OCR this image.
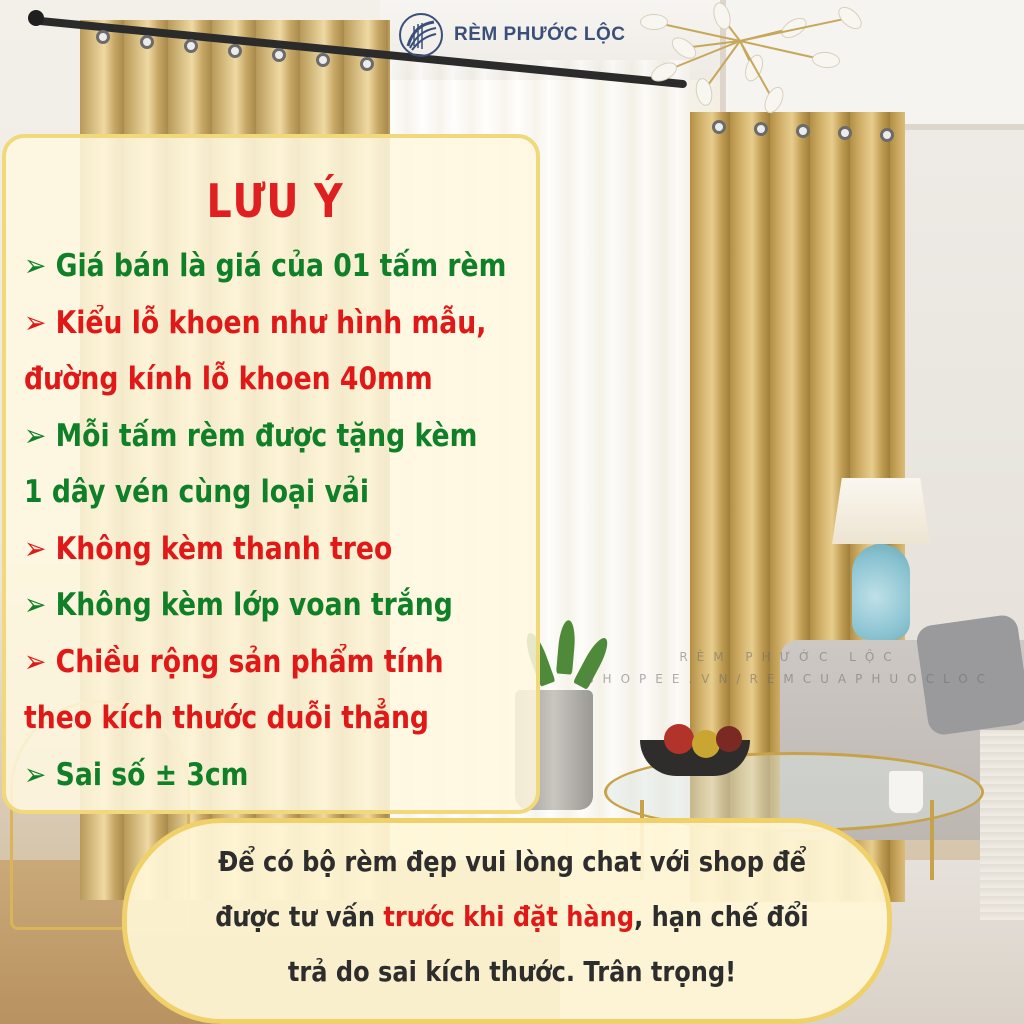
RÈM PHƯỚC LỘC
SHOPEE.VN/REMCUAPHUOCLOC
RÈM PHƯỚC LỘC
LƯU Ý

➢ Giá bán là giá của 01 tấm rèm

➢ Kiểu lỗ khoen như hình mẫu,

đường kính lỗ khoen 40mm

➢ Mỗi tấm rèm được tặng kèm

1 dây vén cùng loại vải

➢ Không kèm thanh treo

➢ Không kèm lớp voan trắng

➢ Chiều rộng sản phẩm tính

theo kích thước duỗi thẳng

➢ Sai số ± 3cm

Để có bộ rèm đẹp vui lòng chat với shop để

được tư vấn trước khi đặt hàng, hạn chế đổi

trả do sai kích thước. Trân trọng!
